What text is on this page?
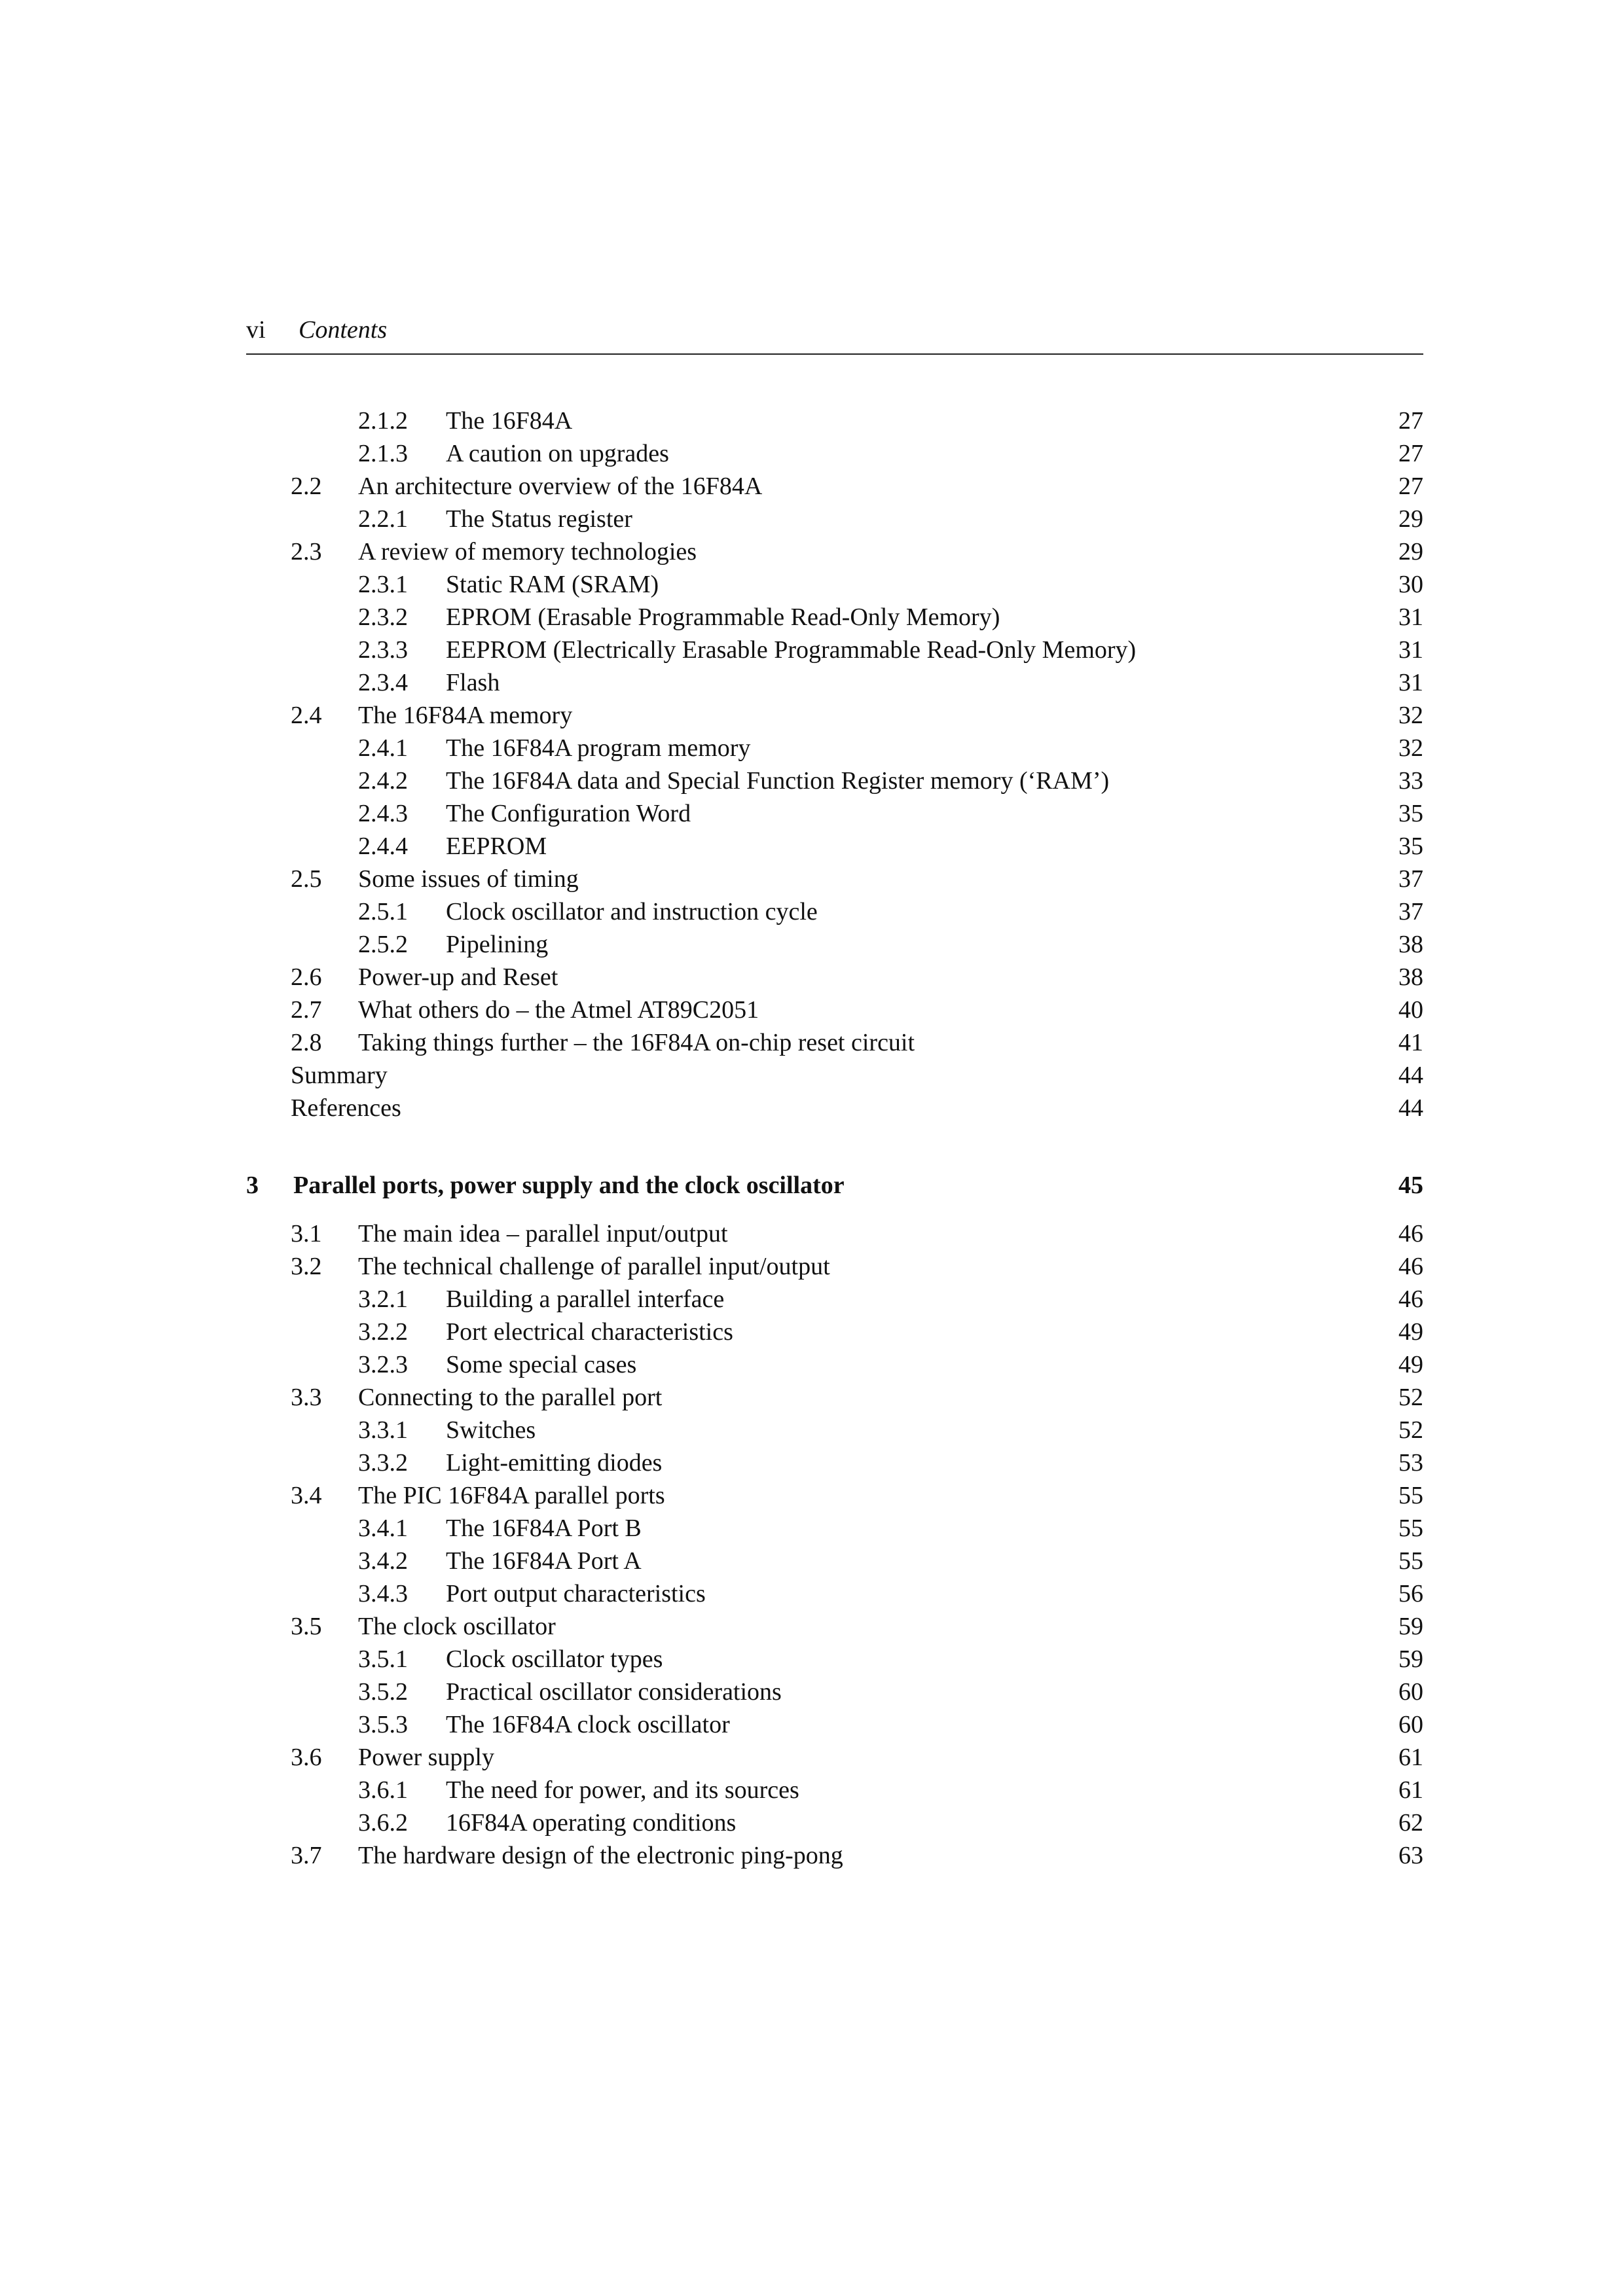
vi Contents
2.1.2 The 16F84A	27
2.1.3 A caution on upgrades	27
2.2 An architecture overview of the 16F84A	27
2.2.1 The Status register	29
2.3 A review of memory technologies	29
2.3.1 Static RAM (SRAM)	30
2.3.2 EPROM (Erasable Programmable Read-Only Memory)	31
2.3.3 EEPROM (Electrically Erasable Programmable Read-Only Memory)	31
2.3.4 Flash	31
2.4 The 16F84A memory	32
2.4.1 The 16F84A program memory	32
2.4.2 The 16F84A data and Special Function Register memory (‘RAM’)	33
2.4.3 The Configuration Word	35
2.4.4 EEPROM	35
2.5 Some issues of timing	37
2.5.1 Clock oscillator and instruction cycle	37
2.5.2 Pipelining	38
2.6 Power-up and Reset	38
2.7 What others do – the Atmel AT89C2051	40
2.8 Taking things further – the 16F84A on-chip reset circuit	41
Summary	44
References	44
3 Parallel ports, power supply and the clock oscillator	45
3.1 The main idea – parallel input/output	46
3.2 The technical challenge of parallel input/output	46
3.2.1 Building a parallel interface	46
3.2.2 Port electrical characteristics	49
3.2.3 Some special cases	49
3.3 Connecting to the parallel port	52
3.3.1 Switches	52
3.3.2 Light-emitting diodes	53
3.4 The PIC 16F84A parallel ports	55
3.4.1 The 16F84A Port B	55
3.4.2 The 16F84A Port A	55
3.4.3 Port output characteristics	56
3.5 The clock oscillator	59
3.5.1 Clock oscillator types	59
3.5.2 Practical oscillator considerations	60
3.5.3 The 16F84A clock oscillator	60
3.6 Power supply	61
3.6.1 The need for power, and its sources	61
3.6.2 16F84A operating conditions	62
3.7 The hardware design of the electronic ping-pong	63
